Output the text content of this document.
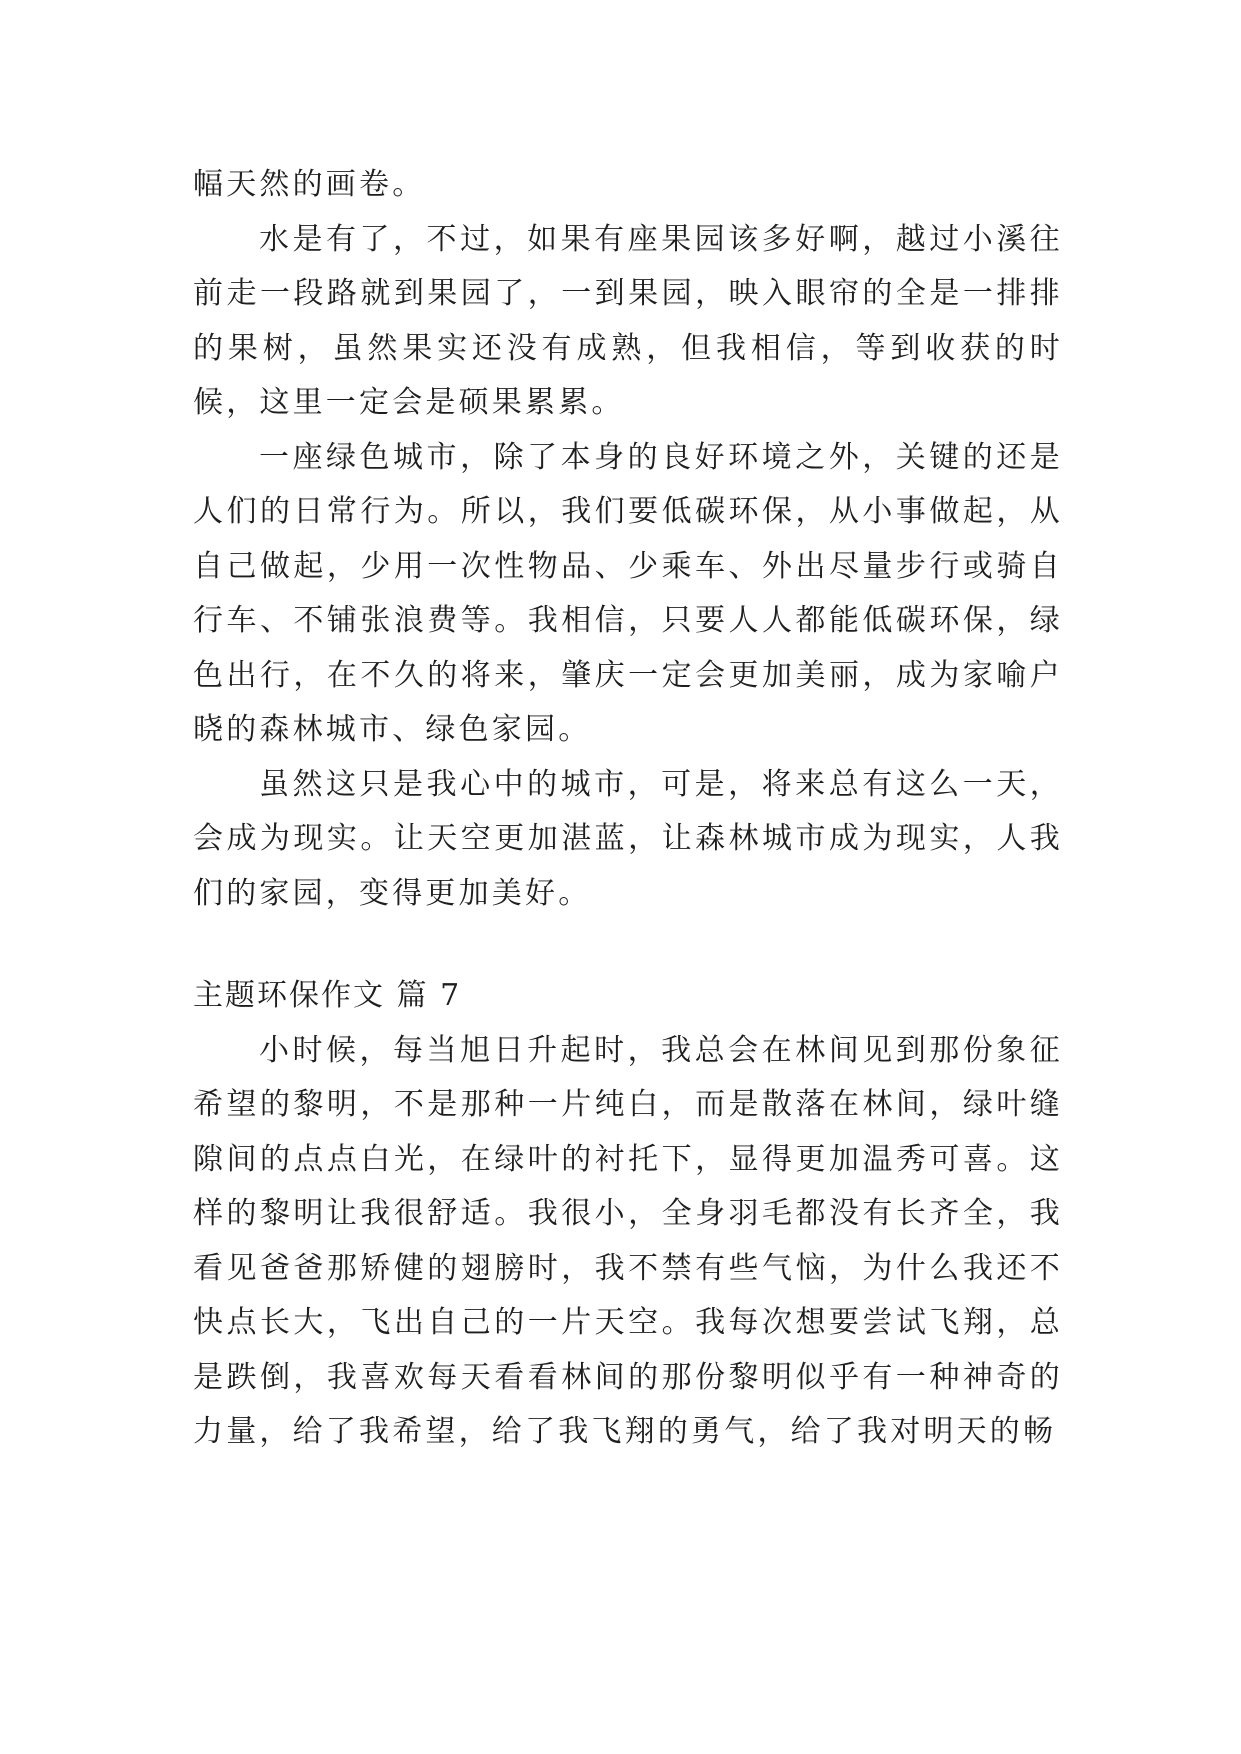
幅天然的画卷。

水是有了，不过，如果有座果园该多好啊，越过小溪往前走一段路就到果园了，一到果园，映入眼帘的全是一排排的果树，虽然果实还没有成熟，但我相信，等到收获的时候，这里一定会是硕果累累。

一座绿色城市，除了本身的良好环境之外，关键的还是人们的日常行为。所以，我们要低碳环保，从小事做起，从自己做起，少用一次性物品、少乘车、外出尽量步行或骑自行车、不铺张浪费等。我相信，只要人人都能低碳环保，绿色出行，在不久的将来，肇庆一定会更加美丽，成为家喻户晓的森林城市、绿色家园。

虽然这只是我心中的城市，可是，将来总有这么一天，会成为现实。让天空更加湛蓝，让森林城市成为现实，人我们的家园，变得更加美好。

主题环保作文 篇 7

小时候，每当旭日升起时，我总会在林间见到那份象征希望的黎明，不是那种一片纯白，而是散落在林间，绿叶缝隙间的点点白光，在绿叶的衬托下，显得更加温秀可喜。这样的黎明让我很舒适。我很小，全身羽毛都没有长齐全，我看见爸爸那矫健的翅膀时，我不禁有些气恼，为什么我还不快点长大，飞出自己的一片天空。我每次想要尝试飞翔，总是跌倒，我喜欢每天看看林间的那份黎明似乎有一种神奇的力量，给了我希望，给了我飞翔的勇气，给了我对明天的畅
